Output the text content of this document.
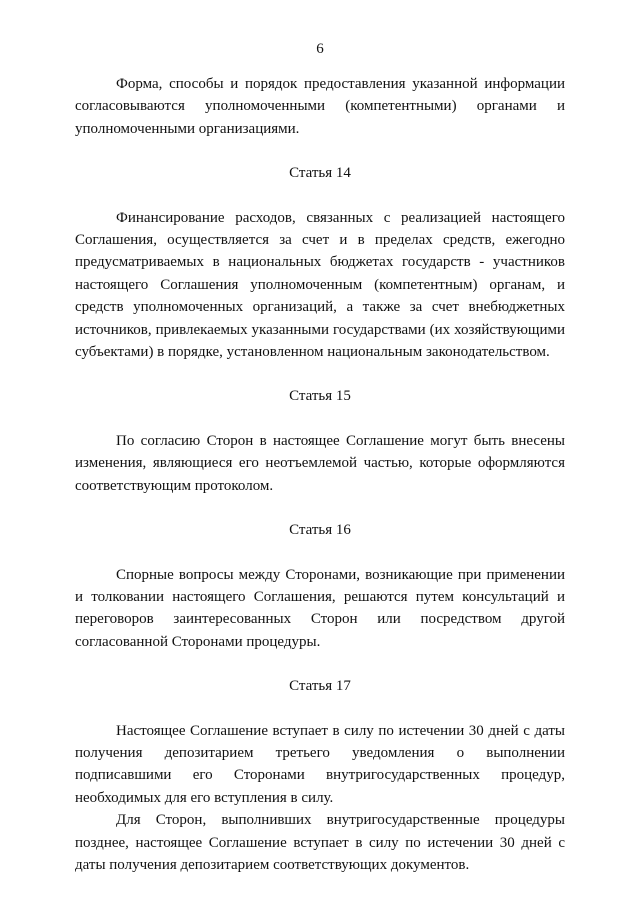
6

Форма, способы и порядок предоставления указанной информации согласовываются уполномоченными (компетентными) органами и уполномоченными организациями.

Статья 14

Финансирование расходов, связанных с реализацией настоящего Соглашения, осуществляется за счет и в пределах средств, ежегодно предусматриваемых в национальных бюджетах государств - участников настоящего Соглашения уполномоченным (компетентным) органам, и средств уполномоченных организаций, а также за счет внебюджетных источников, привлекаемых указанными государствами (их хозяйствующими субъектами) в порядке, установленном национальным законодательством.

Статья 15

По согласию Сторон в настоящее Соглашение могут быть внесены изменения, являющиеся его неотъемлемой частью, которые оформляются соответствующим протоколом.

Статья 16

Спорные вопросы между Сторонами, возникающие при применении и толковании настоящего Соглашения, решаются путем консультаций и переговоров заинтересованных Сторон или посредством другой согласованной Сторонами процедуры.

Статья 17

Настоящее Соглашение вступает в силу по истечении 30 дней с даты получения депозитарием третьего уведомления о выполнении подписавшими его Сторонами внутригосударственных процедур, необходимых для его вступления в силу.

Для Сторон, выполнивших внутригосударственные процедуры позднее, настоящее Соглашение вступает в силу по истечении 30 дней с даты получения депозитарием соответствующих документов.
